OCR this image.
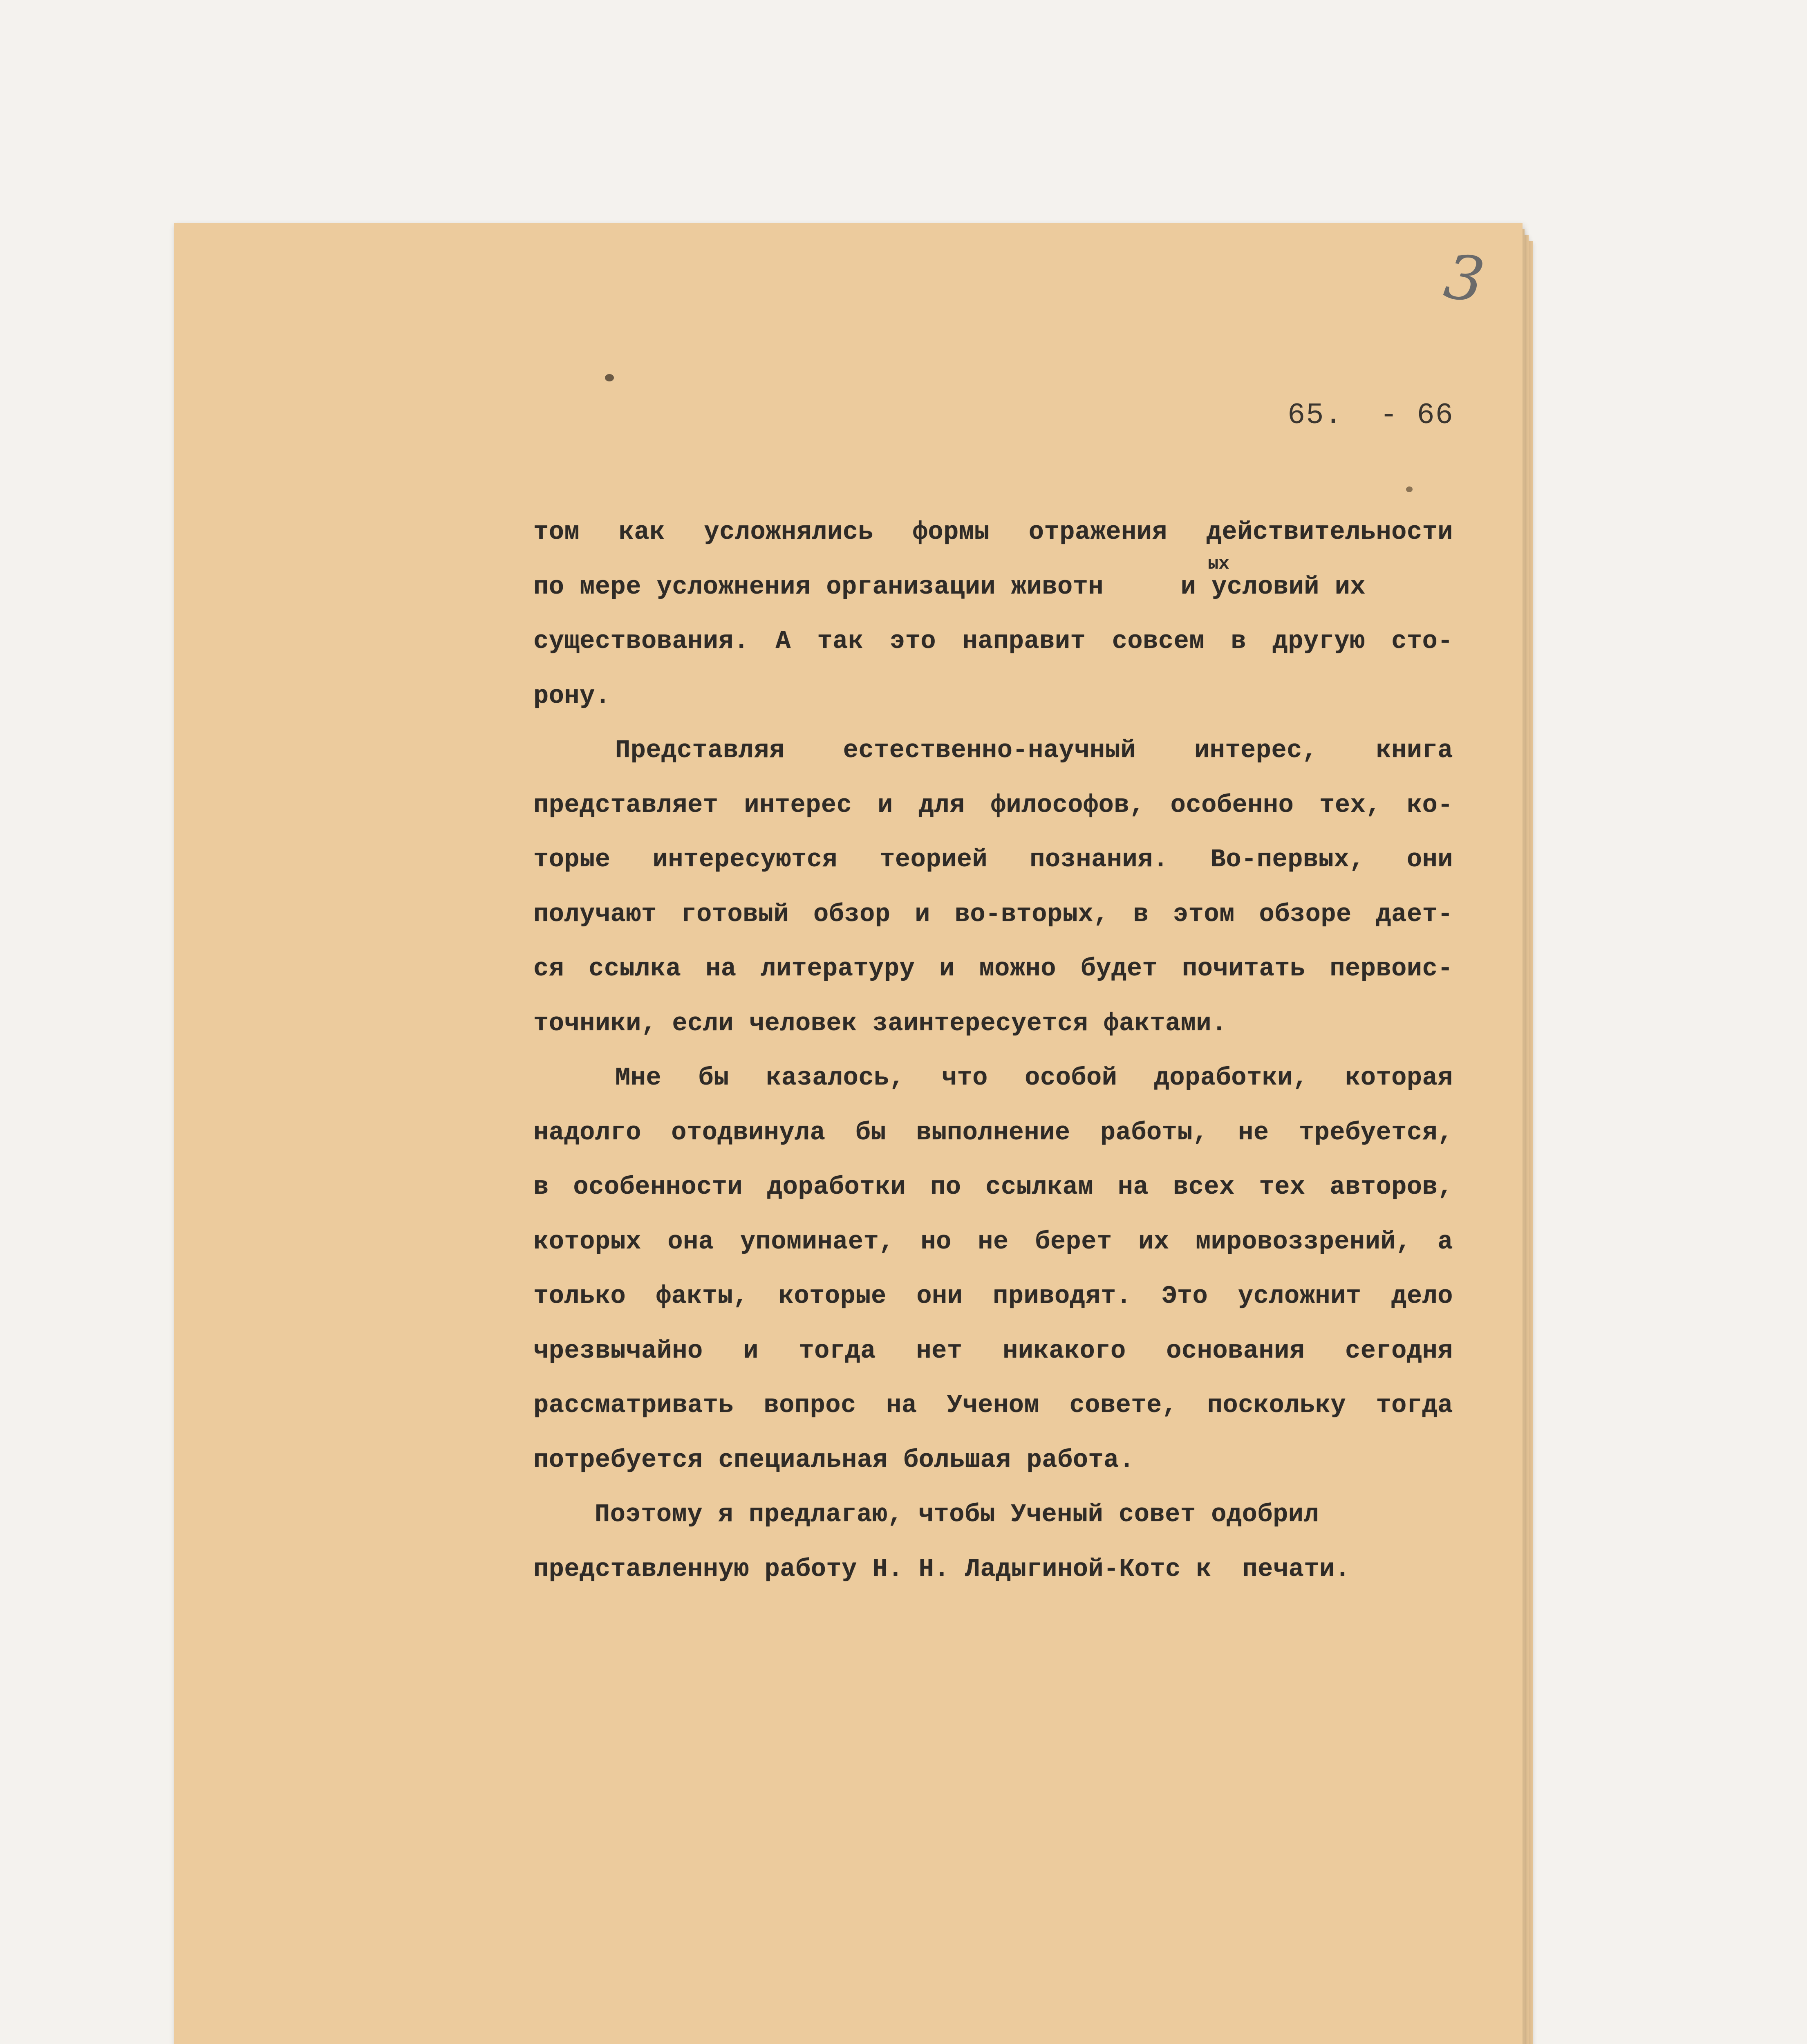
3
65.  - 66
том как усложнялись формы отражения действительности
по мере усложнения организации животн     и условий их
существования. А так это направит совсем в другую сто-
рону.
Представляя естественно-научный интерес, книга
представляет интерес и для философов, особенно тех, ко-
торые интересуются теорией познания. Во-первых, они
получают готовый обзор и во-вторых, в этом обзоре дает-
ся ссылка на литературу и можно будет почитать первоис-
точники, если человек заинтересуется фактами.
Мне бы казалось, что особой доработки, которая
надолго отодвинула бы выполнение работы, не требуется,
в особенности доработки по ссылкам на всех тех авторов,
которых она упоминает, но не берет их мировоззрений, а
только факты, которые они приводят. Это усложнит дело
чрезвычайно и тогда нет никакого основания сегодня
рассматривать вопрос на Ученом совете, поскольку тогда
потребуется специальная большая работа.
Поэтому я предлагаю, чтобы Ученый совет одобрил
представленную работу Н. Н. Ладыгиной-Котс к  печати.
ых
